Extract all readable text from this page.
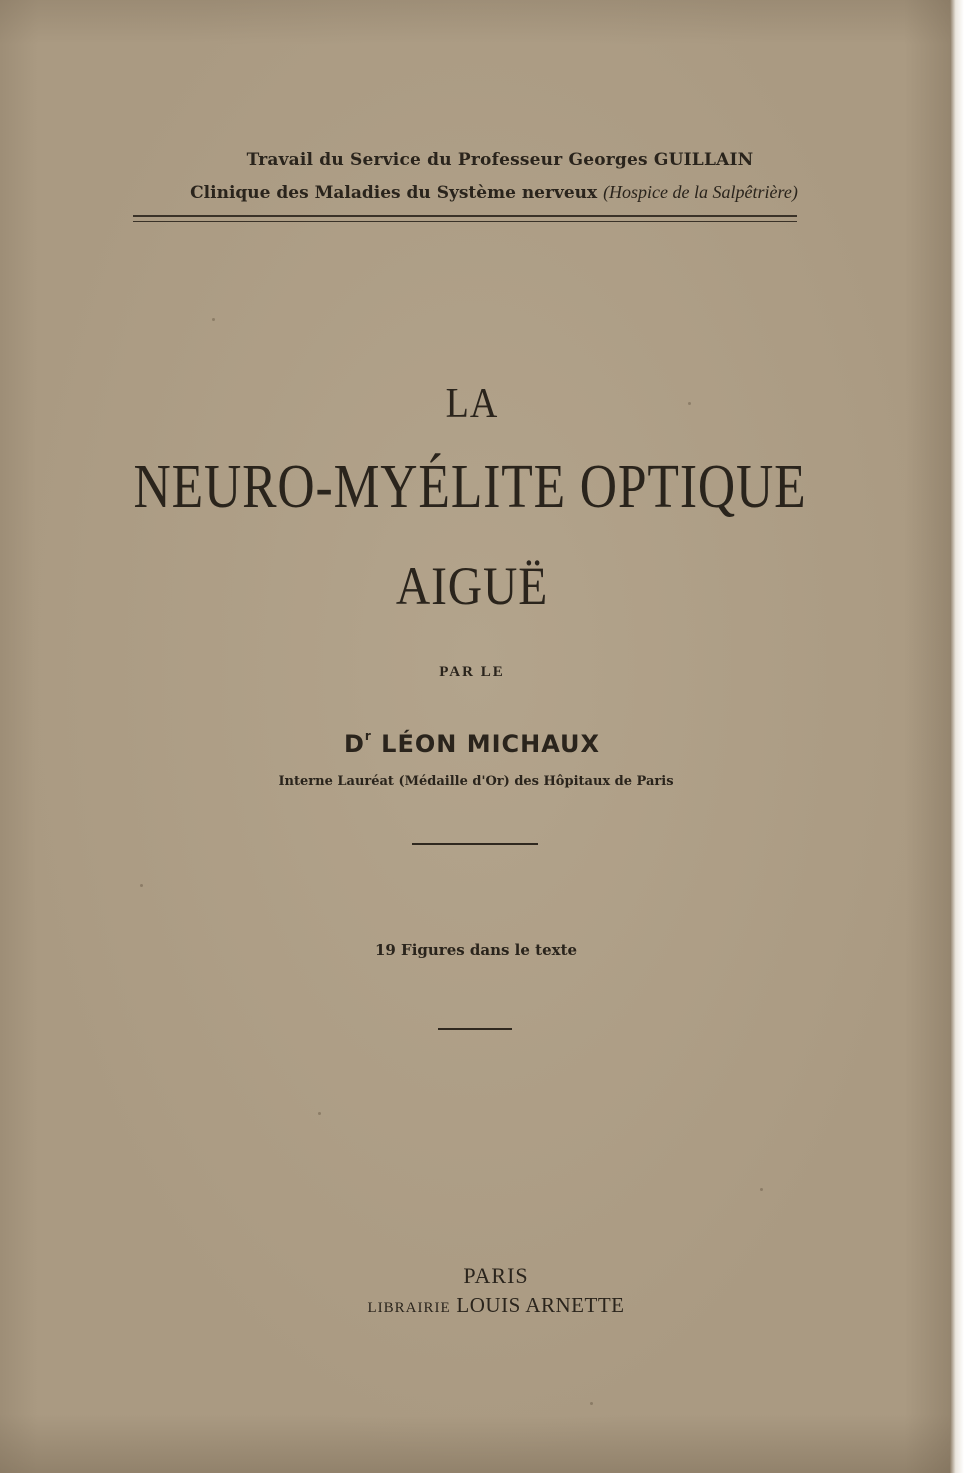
Travail du Service du Professeur Georges GUILLAIN
Clinique des Maladies du Système nerveux (Hospice de la Salpêtrière)
LA
NEURO-MYÉLITE OPTIQUE
AIGUË
PAR LE
$D^r$ LÉON MICHAUX
Interne Lauréat (Médaille d'Or) des Hôpitaux de Paris
19 Figures dans le texte
PARIS
LIBRAIRIE LOUIS ARNETTE
